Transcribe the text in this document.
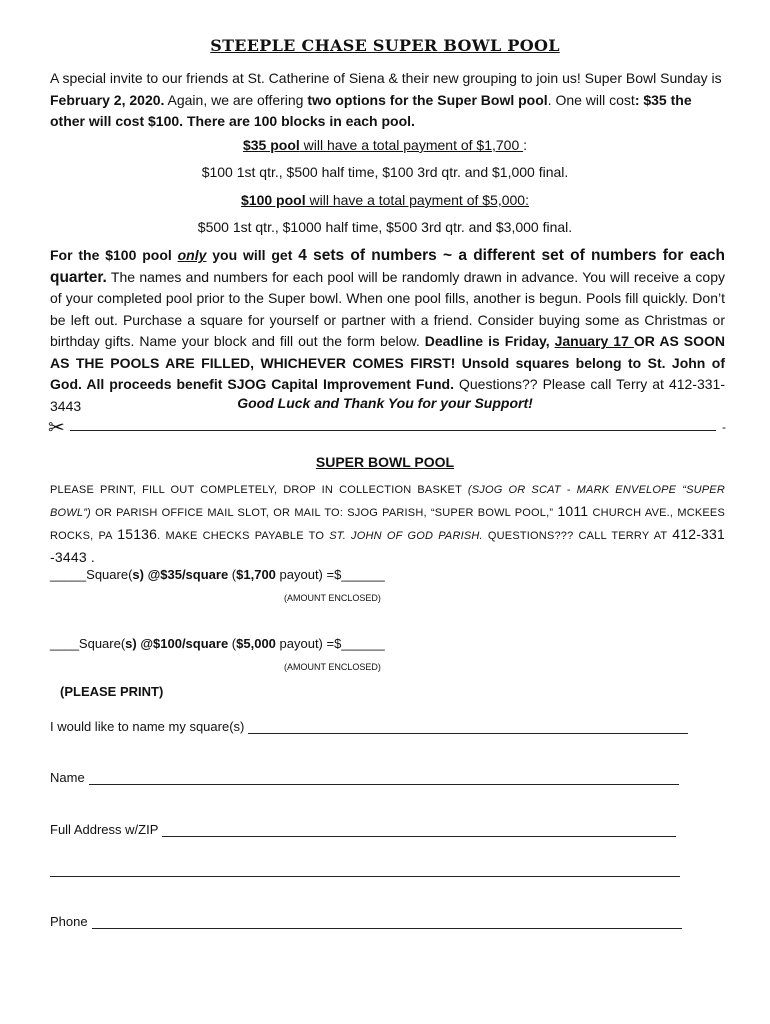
STEEPLE CHASE SUPER BOWL POOL

A special invite to our friends at St. Catherine of Siena & their new grouping to join us! Super Bowl Sunday is February 2, 2020. Again, we are offering two options for the Super Bowl pool. One will cost: $35 the other will cost $100. There are 100 blocks in each pool.

$35 pool will have a total payment of $1,700 :
$100 1st qtr., $500 half time, $100 3rd qtr. and $1,000 final.
$100 pool will have a total payment of $5,000:
$500 1st qtr., $1000 half time, $500 3rd qtr. and $3,000 final.

For the $100 pool only you will get 4 sets of numbers ~ a different set of numbers for each quarter. The names and numbers for each pool will be randomly drawn in advance. You will receive a copy of your completed pool prior to the Super bowl. When one pool fills, another is begun. Pools fill quickly. Don’t be left out. Purchase a square for yourself or partner with a friend. Consider buying some as Christmas or birthday gifts. Name your block and fill out the form below. Deadline is Friday, January 17 OR AS SOON AS THE POOLS ARE FILLED, WHICHEVER COMES FIRST! Unsold squares belong to St. John of God. All proceeds benefit SJOG Capital Improvement Fund. Questions?? Please call Terry at 412-331-3443	Good Luck and Thank You for your Support!
✂	-
SUPER BOWL POOL

PLEASE PRINT, FILL OUT COMPLETELY, DROP IN COLLECTION BASKET (SJOG OR SCAT - MARK ENVELOPE “SUPER BOWL”) OR PARISH OFFICE MAIL SLOT, OR MAIL TO: SJOG PARISH, “SUPER BOWL POOL,” 1011 CHURCH AVE., MCKEES ROCKS, PA 15136. MAKE CHECKS PAYABLE TO ST. JOHN OF GOD PARISH. QUESTIONS??? CALL TERRY AT 412-331 -3443 .

_____Square(s) @$35/square ($1,700 payout) =$______
(AMOUNT ENCLOSED)
____Square(s) @$100/square ($5,000 payout) =$______
(AMOUNT ENCLOSED)
(PLEASE PRINT)
I would like to name my square(s)
Name
Full Address w/ZIP
Phone
